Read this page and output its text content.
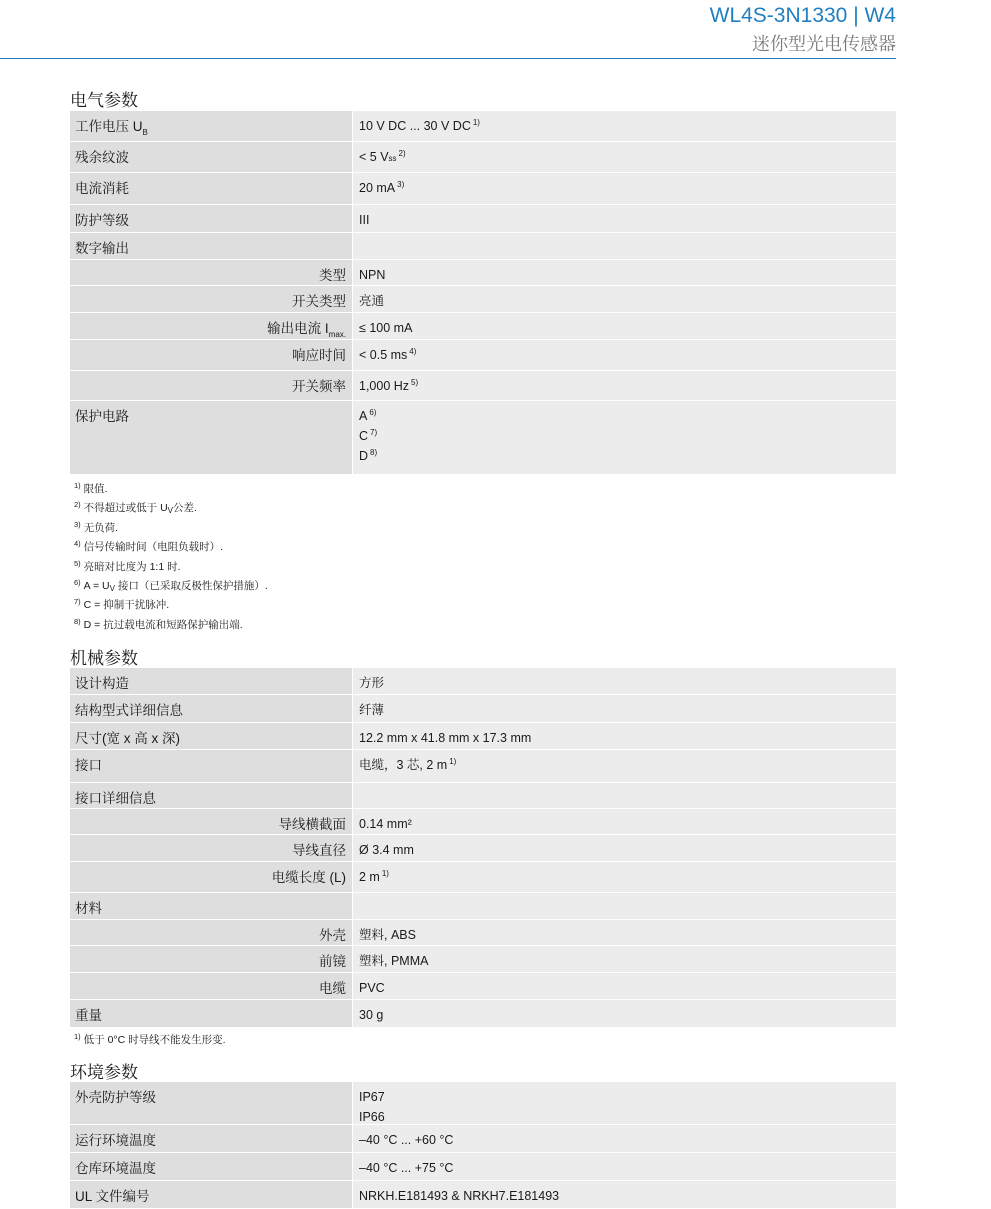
WL4S-3N1330 | W4
迷你型光电传感器
电气参数
工作电压 $U_B$	10 V DC ... 30 V DC $^{1)}$
残余纹波	< 5 $V_{ss}^{2)}$
电流消耗	20 mA $^{3)}$
防护等级	III
数字输出
类型	NPN
开关类型	亮通
输出电流 $I_{max.}$	≤ 100 mA
响应时间	< 0.5 ms $^{4)}$
开关频率	1,000 Hz $^{5)}$
保护电路	A $^{6)}$
C $^{7)}$
D $^{8)}$
$^{1)}$ 限值.
$^{2)}$ 不得超过或低于 $U_V$公差.
$^{3)}$ 无负荷.
$^{4)}$ 信号传输时间（电阻负载时）.
$^{5)}$ 亮暗对比度为 1:1 时.
$^{6)}$ $A = U_V$ 接口（已采取反极性保护措施）.
$^{7)}$ C = 抑制干扰脉冲.
$^{8)}$ D = 抗过载电流和短路保护输出端.
机械参数
设计构造	方形
结构型式详细信息	纤薄
尺寸(宽 x 高 x 深)	12.2 mm x 41.8 mm x 17.3 mm
接口	电缆，3 芯, 2 m $^{1)}$
接口详细信息
导线横截面	0.14 mm²
导线直径	Ø 3.4 mm
电缆长度 (L)	2 m $^{1)}$
材料
外壳	塑料, ABS
前镜	塑料, PMMA
电缆	PVC
重量	30 g
$^{1)}$ 低于 0°C 时导线不能发生形变.
环境参数
外壳防护等级	IP67
IP66
运行环境温度	–40 °C ... +60 °C
仓库环境温度	–40 °C ... +75 °C
UL 文件编号	NRKH.E181493 & NRKH7.E181493
